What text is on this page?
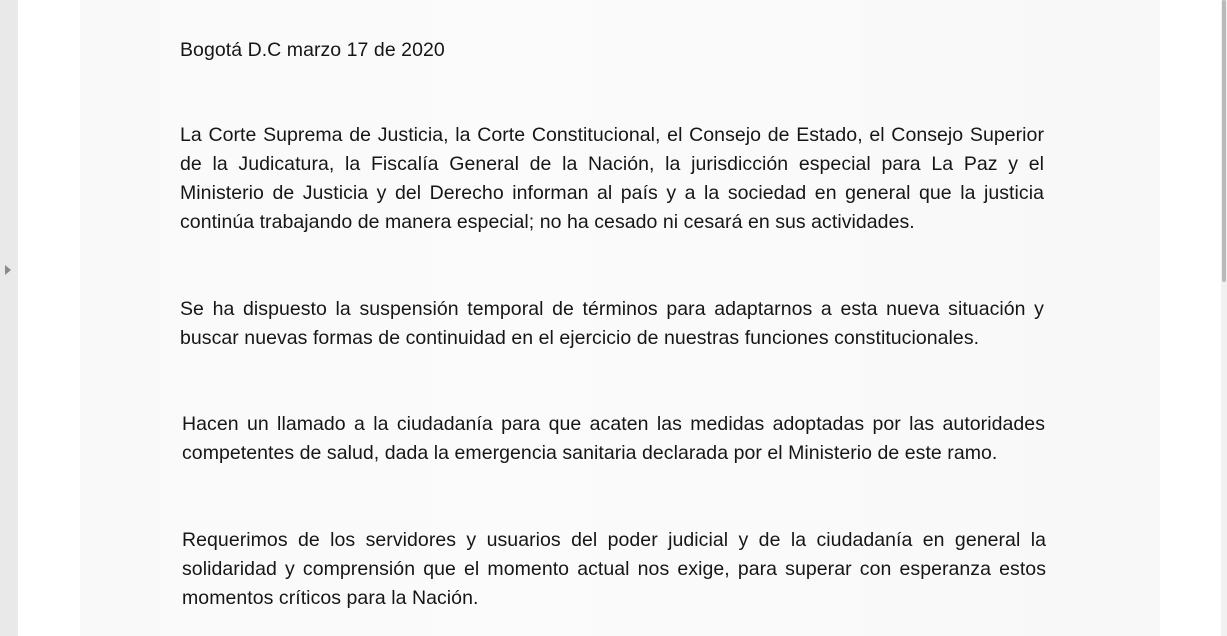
Bogotá D.C marzo 17 de 2020
La Corte Suprema de Justicia, la Corte Constitucional, el Consejo de Estado, el Consejo Superior de la Judicatura, la Fiscalía General de la Nación, la jurisdicción especial para La Paz y el Ministerio de Justicia y del Derecho informan al país y a la sociedad en general que la justicia continúa trabajando de manera especial; no ha cesado ni cesará en sus actividades.
Se ha dispuesto la suspensión temporal de términos para adaptarnos a esta nueva situación y buscar nuevas formas de continuidad en el ejercicio de nuestras funciones constitucionales.
Hacen un llamado a la ciudadanía para que acaten las medidas adoptadas por las autoridades competentes de salud, dada la emergencia sanitaria declarada por el Ministerio de este ramo.
Requerimos de los servidores y usuarios del poder judicial y de la ciudadanía en general la solidaridad y comprensión que el momento actual nos exige, para superar con esperanza estos momentos críticos para la Nación.
